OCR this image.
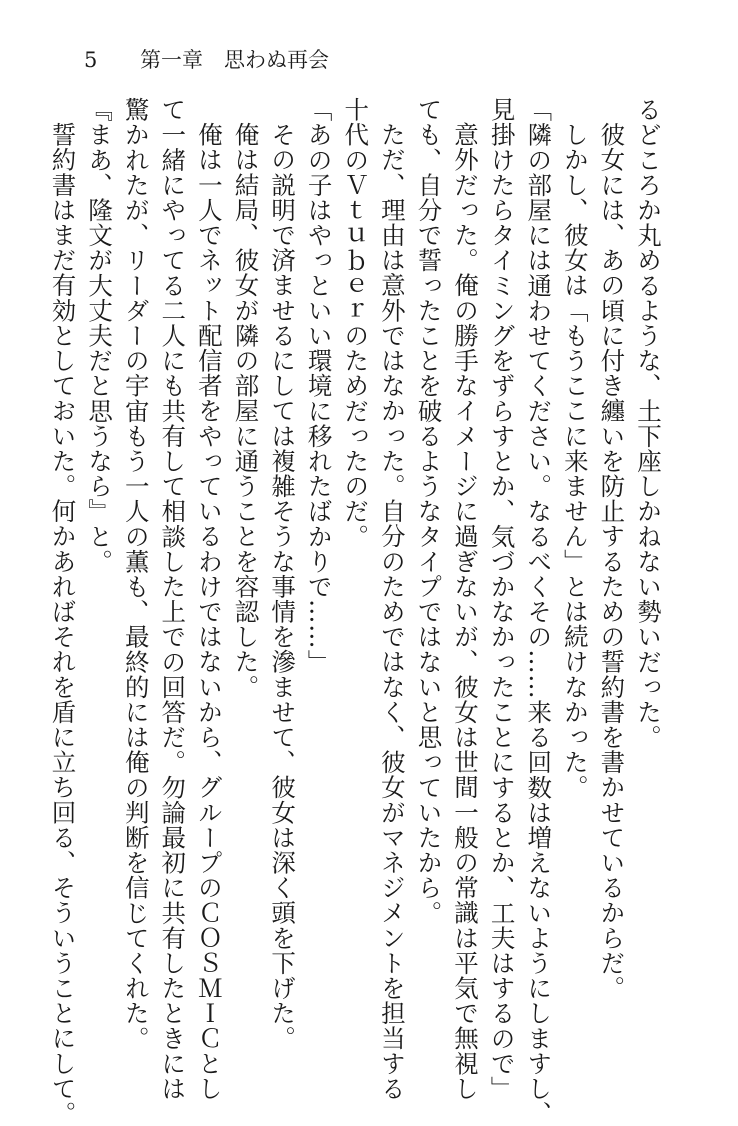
5 第一章　思わぬ再会

るどころか丸めるような、土下座しかねない勢いだった。

彼女には、あの頃に付き纏いを防止するための誓約書を書かせているからだ。

しかし、彼女は「もうここに来ません」とは続けなかった。

「隣の部屋には通わせてください。なるべくその……来る回数は増えないようにしますし、

見掛けたらタイミングをずらすとか、気づかなかったことにするとか、工夫はするので」

意外だった。俺の勝手なイメージに過ぎないが、彼女は世間一般の常識は平気で無視し

ても、自分で誓ったことを破るようなタイプではないと思っていたから。

ただ、理由は意外ではなかった。自分のためではなく、彼女がマネジメントを担当する

十代のＶｔｕｂｅｒのためだったのだ。

「あの子はやっといい環境に移れたばかりで……」

その説明で済ませるにしては複雑そうな事情を滲ませて、彼女は深く頭を下げた。

俺は結局、彼女が隣の部屋に通うことを容認した。

俺は一人でネット配信者をやっているわけではないから、グループのＣＯＳＭＩＣとし

て一緒にやってる二人にも共有して相談した上での回答だ。勿論最初に共有したときには

驚かれたが、リーダーの宇宙もう一人の薫も、最終的には俺の判断を信じてくれた。

『まあ、隆文が大丈夫だと思うなら』と。

誓約書はまだ有効としておいた。何かあればそれを盾に立ち回る、そういうことにして。
